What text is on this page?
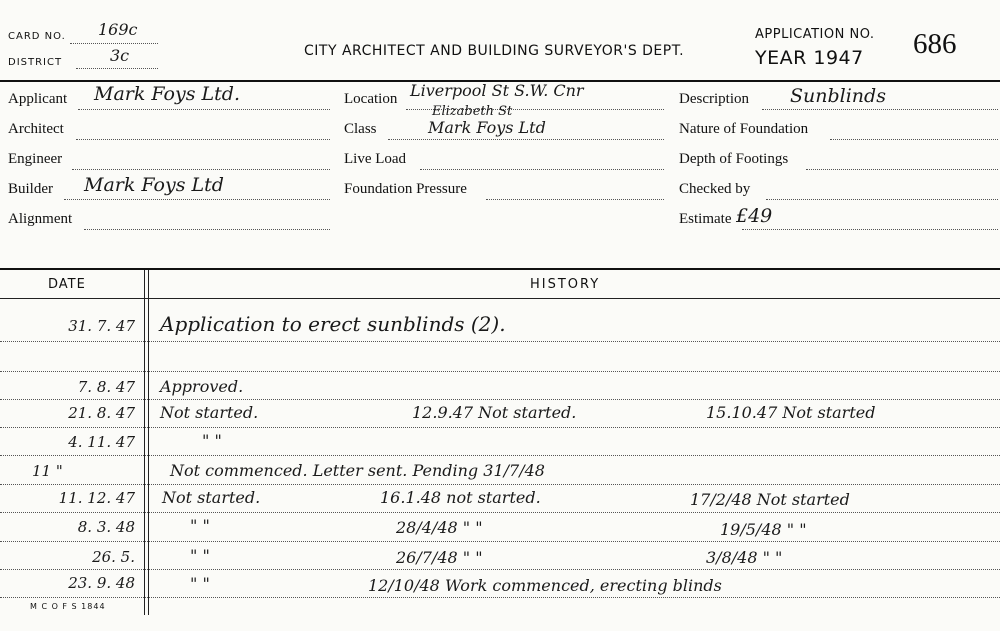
CARD NO. 169c
DISTRICT	3c	CITY ARCHITECT AND BUILDING SURVEYOR'S DEPT.
APPLICATION NO.
YEAR 1947 686
Applicant Mark Foys Ltd.
Architect
Engineer
Builder Mark Foys Ltd
Alignment
Location Liverpool St S.W. Cnr
Elizabeth St
Class	Mark Foys Ltd
Live Load
Foundation Pressure
Description Sunblinds
Nature of Foundation
Depth of Footings
Checked by
Estimate £49
DATE	HISTORY
31. 7. 47 Application to erect sunblinds (2).
7. 8. 47 Approved.
21. 8. 47 Not started.	12.9.47 Not started.	15.10.47 Not started
4. 11. 47	" "
11 "	Not commenced. Letter sent. Pending 31/7/48
11. 12. 47 Not started.	16.1.48 not started.	17/2/48 Not started
8. 3. 48	" "	28/4/48 " "	19/5/48 " "
26. 5.	" "	26/7/48 " "	3/8/48 " "
23. 9. 48	" "	12/10/48 Work commenced, erecting blinds
M C O F S 1844
